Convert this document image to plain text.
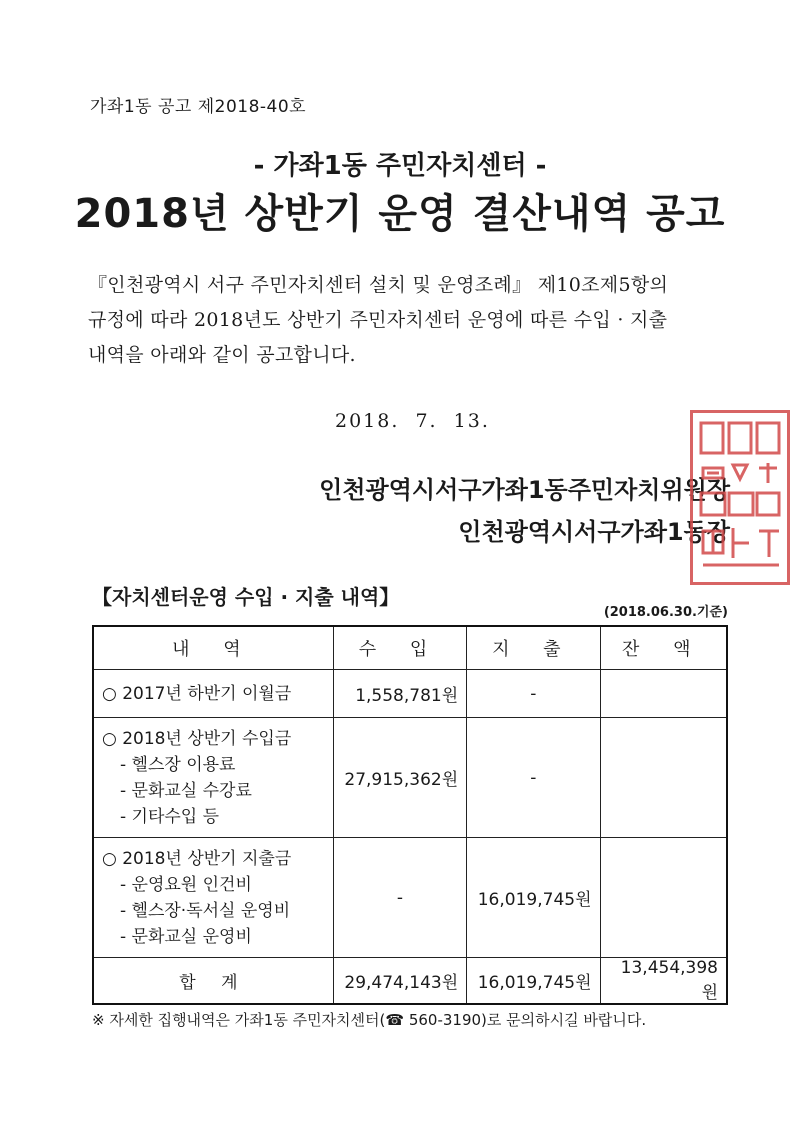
가좌1동 공고 제2018-40호
- 가좌1동 주민자치센터 -
2018년 상반기 운영 결산내역 공고
『인천광역시 서구 주민자치센터 설치 및 운영조례』 제10조제5항의
규정에 따라 2018년도 상반기 주민자치센터 운영에 따른 수입 · 지출
내역을 아래와 같이 공고합니다.
2018.  7.  13.
인천광역시서구가좌1동주민자치위원장
인천광역시서구가좌1동장
【자치센터운영 수입 · 지출 내역】
(2018.06.30.기준)
내 역	수 입	지 출	잔 액

○ 2017년 하반기 이월금	1,558,781원	-	

○ 2018년 상반기 수입금
- 헬스장 이용료
- 문화교실 수강료
- 기타수입 등	27,915,362원	-	

○ 2018년 상반기 지출금
- 운영요원 인건비
- 헬스장·독서실 운영비
- 문화교실 운영비	-	16,019,745원	
합 계	29,474,143원	16,019,745원	13,454,398원
※ 자세한 집행내역은 가좌1동 주민자치센터(☎ 560-3190)로 문의하시길 바랍니다.
